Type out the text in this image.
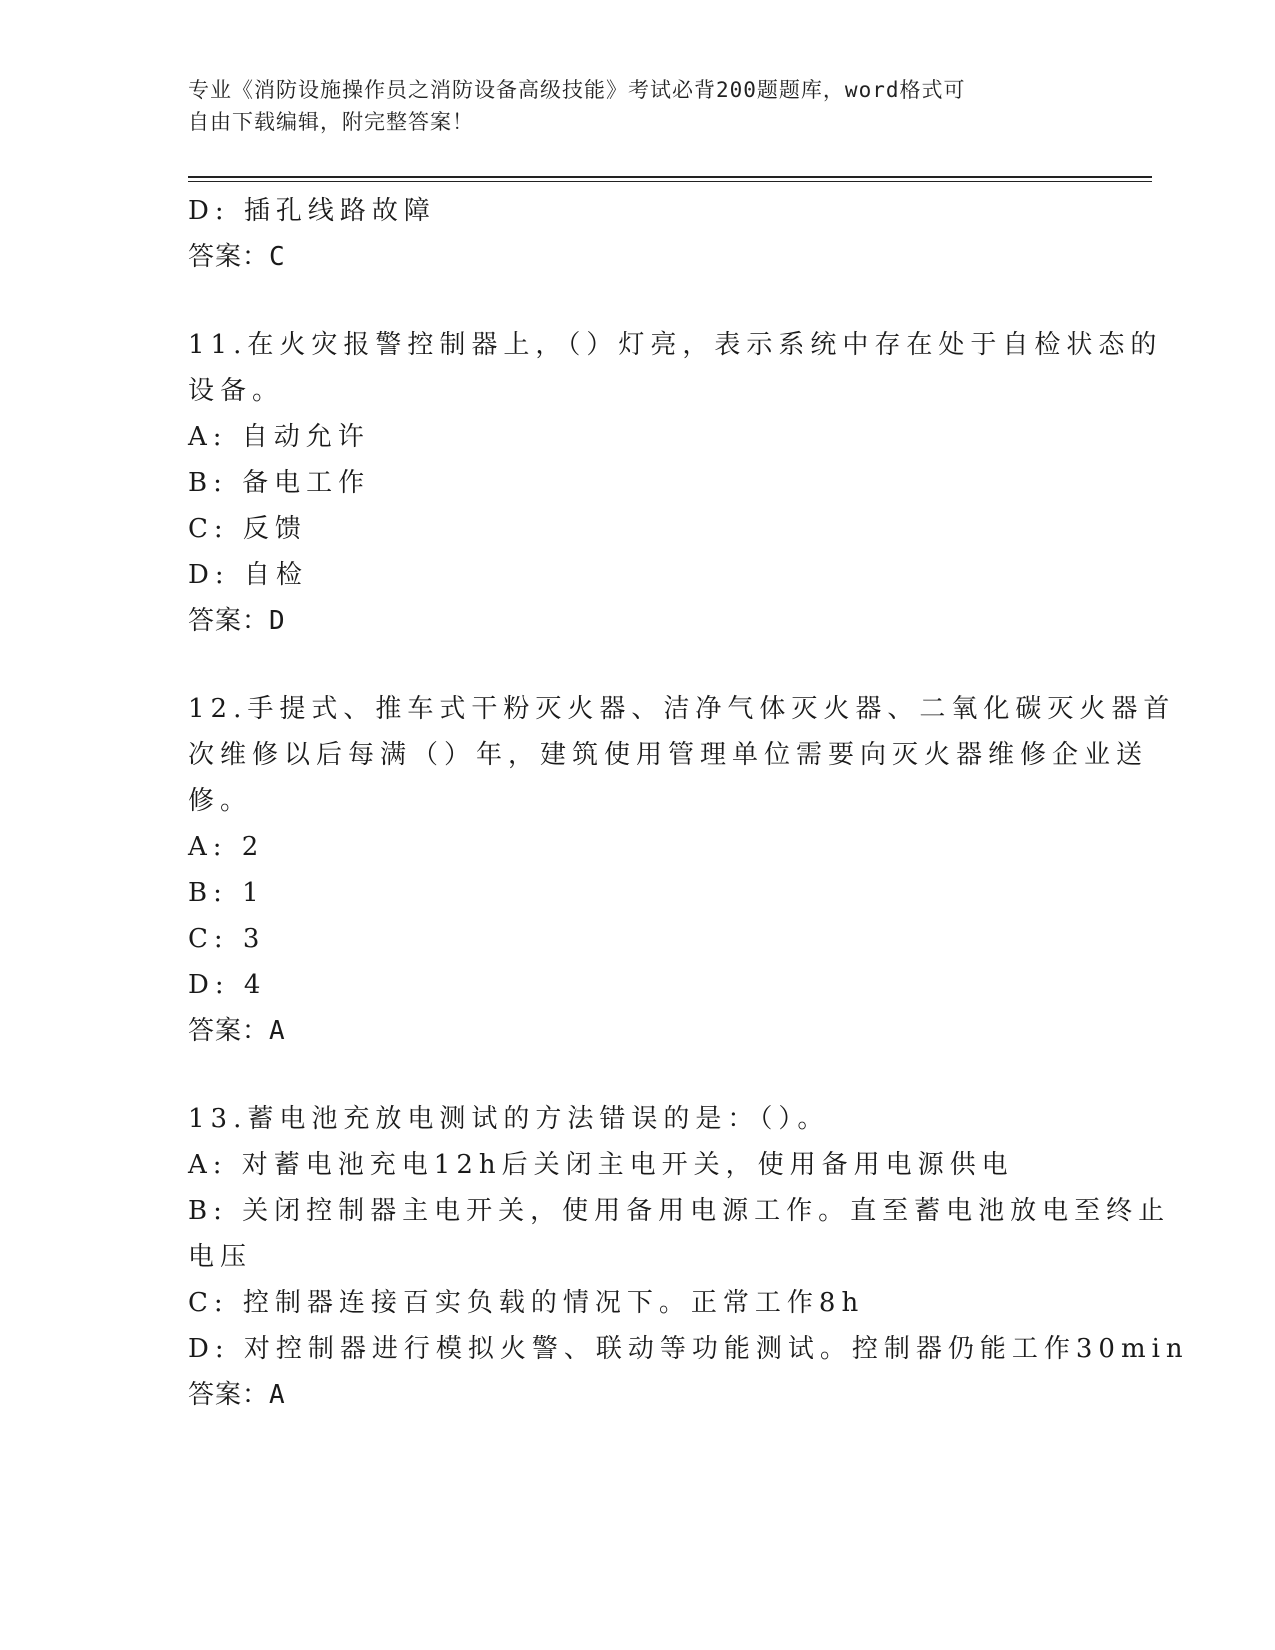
专业《消防设施操作员之消防设备高级技能》考试必背200题题库，word格式可
自由下载编辑，附完整答案！
D: 插孔线路故障
答案：C
11.在火灾报警控制器上，（）灯亮，表示系统中存在处于自检状态的
设备。
A: 自动允许
B: 备电工作
C: 反馈
D: 自检
答案：D
12.手提式、推车式干粉灭火器、洁净气体灭火器、二氧化碳灭火器首
次维修以后每满（）年，建筑使用管理单位需要向灭火器维修企业送
修。
A: 2
B: 1
C: 3
D: 4
答案：A
13.蓄电池充放电测试的方法错误的是：（）。
A: 对蓄电池充电12h后关闭主电开关，使用备用电源供电
B: 关闭控制器主电开关，使用备用电源工作。直至蓄电池放电至终止
电压
C: 控制器连接百实负载的情况下。正常工作8h
D: 对控制器进行模拟火警、联动等功能测试。控制器仍能工作30min
答案：A
